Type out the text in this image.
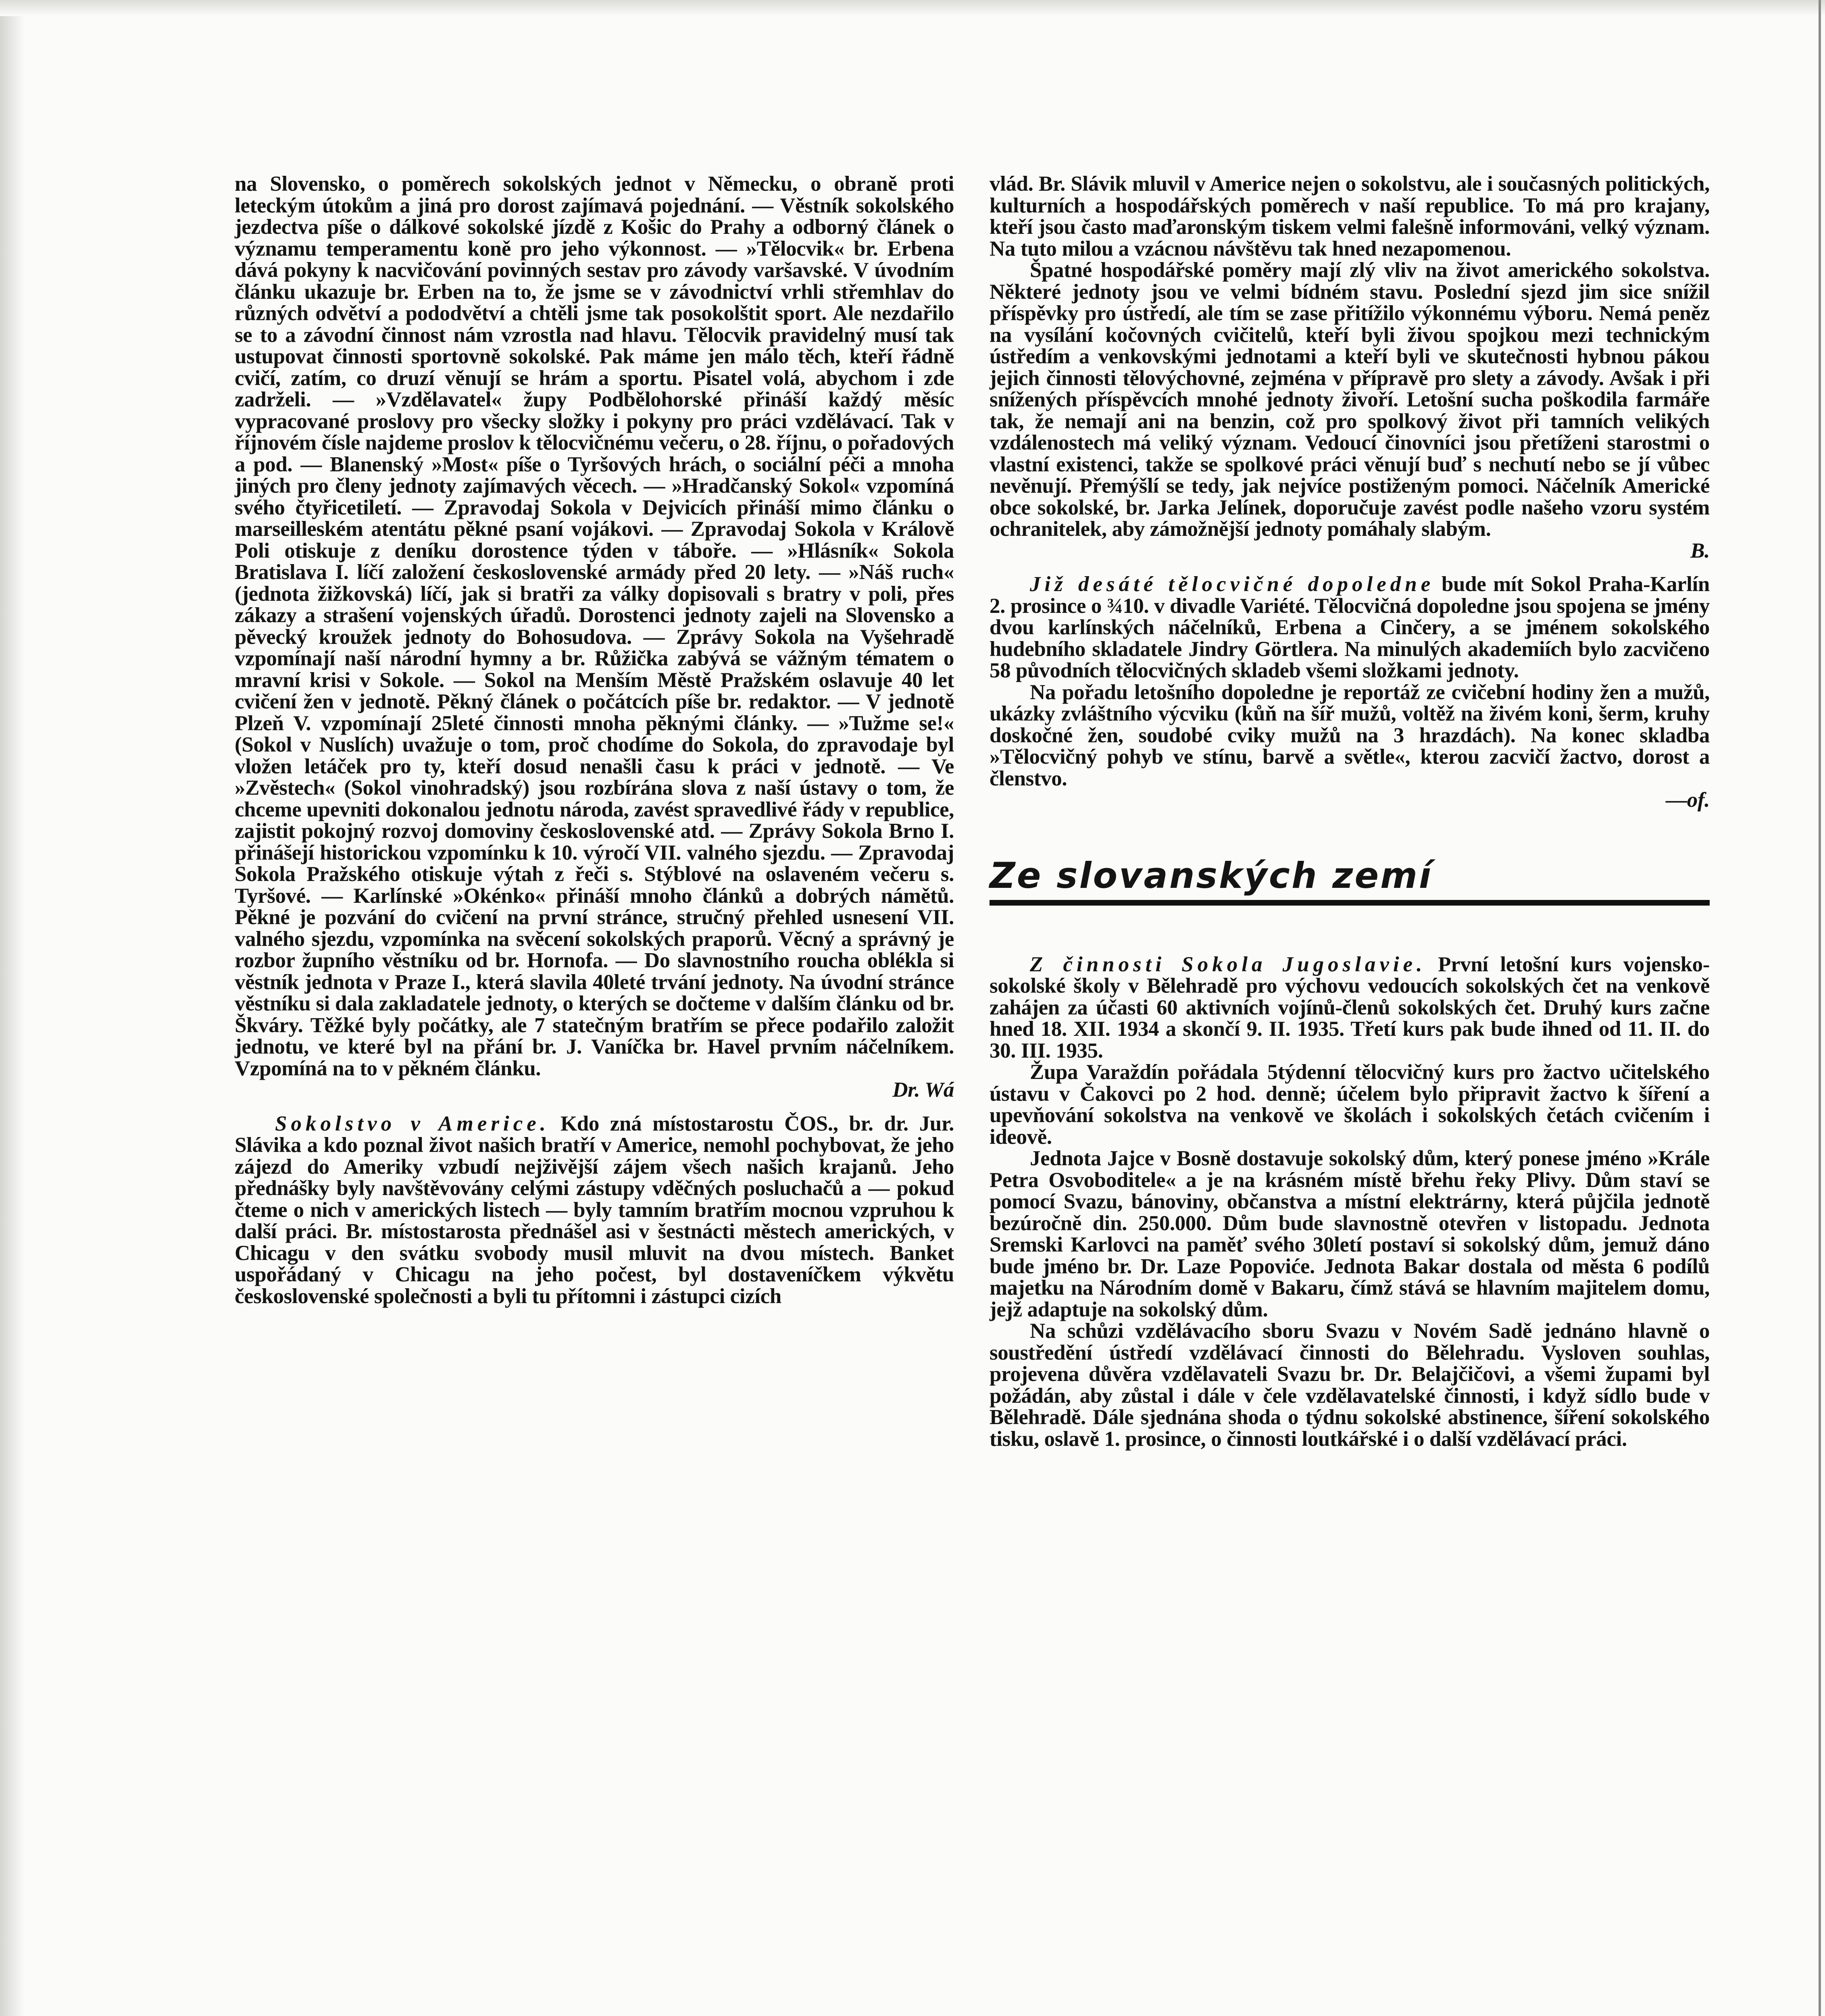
na Slovensko, o poměrech sokolských jednot v Německu, o obraně proti leteckým útokům a jiná pro dorost zajímavá pojednání. — Věstník sokolského jezdectva píše o dálkové sokolské jízdě z Košic do Prahy a odborný článek o významu temperamentu koně pro jeho výkonnost. — »Tělocvik« br. Erbena dává pokyny k nacvičování povinných sestav pro závody varšavské. V úvodním článku ukazuje br. Erben na to, že jsme se v závodnictví vrhli střemhlav do různých odvětví a pododvětví a chtěli jsme tak posokolštit sport. Ale nezdařilo se to a závodní činnost nám vzrostla nad hlavu. Tělocvik pravidelný musí tak ustupovat činnosti sportovně sokolské. Pak máme jen málo těch, kteří řádně cvičí, zatím, co druzí věnují se hrám a sportu. Pisatel volá, abychom i zde zadrželi. — »Vzdělavatel« župy Podbělohorské přináší každý měsíc vypracované proslovy pro všecky složky i pokyny pro práci vzdělávací. Tak v říjnovém čísle najdeme proslov k tělocvičnému večeru, o 28. říjnu, o pořadových a pod. — Blanenský »Most« píše o Tyršových hrách, o sociální péči a mnoha jiných pro členy jednoty zajímavých věcech. — »Hradčanský Sokol« vzpomíná svého čtyřicetiletí. — Zpravodaj Sokola v Dejvicích přináší mimo článku o marseilleském atentátu pěkné psaní vojákovi. — Zpravodaj Sokola v Králově Poli otiskuje z deníku dorostence týden v táboře. — »Hlásník« Sokola Bratislava I. líčí založení československé armády před 20 lety. — »Náš ruch« (jednota žižkovská) líčí, jak si bratři za války dopisovali s bratry v poli, přes zákazy a strašení vojenských úřadů. Dorostenci jednoty zajeli na Slovensko a pěvecký kroužek jednoty do Bohosudova. — Zprávy Sokola na Vyšehradě vzpomínají naší národní hymny a br. Růžička zabývá se vážným tématem o mravní krisi v Sokole. — Sokol na Menším Městě Pražském oslavuje 40 let cvičení žen v jednotě. Pěkný článek o počátcích píše br. redaktor. — V jednotě Plzeň V. vzpomínají 25leté činnosti mnoha pěknými články. — »Tužme se!« (Sokol v Nuslích) uvažuje o tom, proč chodíme do Sokola, do zpravodaje byl vložen letáček pro ty, kteří dosud nenašli času k práci v jednotě. — Ve »Zvěstech« (Sokol vinohradský) jsou rozbírána slova z naší ústavy o tom, že chceme upevniti dokonalou jednotu národa, zavést spravedlivé řády v republice, zajistit pokojný rozvoj domoviny československé atd. — Zprávy Sokola Brno I. přinášejí historickou vzpomínku k 10. výročí VII. valného sjezdu. — Zpravodaj Sokola Pražského otiskuje výtah z řeči s. Stýblové na oslaveném večeru s. Tyršové. — Karlínské »Okénko« přináší mnoho článků a dobrých námětů. Pěkné je pozvání do cvičení na první stránce, stručný přehled usnesení VII. valného sjezdu, vzpomínka na svěcení sokolských praporů. Věcný a správný je rozbor župního věstníku od br. Hornofa. — Do slavnostního roucha oblékla si věstník jednota v Praze I., která slavila 40leté trvání jednoty. Na úvodní stránce věstníku si dala zakladatele jednoty, o kterých se dočteme v dalším článku od br. Škváry. Těžké byly počátky, ale 7 statečným bratřím se přece podařilo založit jednotu, ve které byl na přání br. J. Vaníčka br. Havel prvním náčelníkem. Vzpomíná na to v pěkném článku.
Dr. Wá

Sokolstvo v Americe. Kdo zná místostarostu ČOS., br. dr. Jur. Slávika a kdo poznal život našich bratří v Americe, nemohl pochybovat, že jeho zájezd do Ameriky vzbudí nejživější zájem všech našich krajanů. Jeho přednášky byly navštěvovány celými zástupy vděčných posluchačů a — pokud čteme o nich v amerických listech — byly tamním bratřím mocnou vzpruhou k další práci. Br. místostarosta přednášel asi v šestnácti městech amerických, v Chicagu v den svátku svobody musil mluvit na dvou místech. Banket uspořádaný v Chicagu na jeho počest, byl dostaveníčkem výkvětu československé společnosti a byli tu přítomni i zástupci cizích

vlád. Br. Slávik mluvil v Americe nejen o sokolstvu, ale i současných politických, kulturních a hospodářských poměrech v naší republice. To má pro krajany, kteří jsou často maďaronským tiskem velmi falešně informováni, velký význam. Na tuto milou a vzácnou návštěvu tak hned nezapomenou.

Špatné hospodářské poměry mají zlý vliv na život amerického sokolstva. Některé jednoty jsou ve velmi bídném stavu. Poslední sjezd jim sice snížil příspěvky pro ústředí, ale tím se zase přitížilo výkonnému výboru. Nemá peněz na vysílání kočovných cvičitelů, kteří byli živou spojkou mezi technickým ústředím a venkovskými jednotami a kteří byli ve skutečnosti hybnou pákou jejich činnosti tělovýchovné, zejména v přípravě pro slety a závody. Avšak i při snížených příspěvcích mnohé jednoty živoří. Letošní sucha poškodila farmáře tak, že nemají ani na benzin, což pro spolkový život při tamních velikých vzdálenostech má veliký význam. Vedoucí činovníci jsou přetíženi starostmi o vlastní existenci, takže se spolkové práci věnují buď s nechutí nebo se jí vůbec nevěnují. Přemýšlí se tedy, jak nejvíce postiženým pomoci. Náčelník Americké obce sokolské, br. Jarka Jelínek, doporučuje zavést podle našeho vzoru systém ochranitelek, aby zámožnější jednoty pomáhaly slabým.
B.

Již desáté tělocvičné dopoledne bude mít Sokol Praha-Karlín 2. prosince o ¾10. v divadle Variété. Tělocvičná dopoledne jsou spojena se jmény dvou karlínských náčelníků, Erbena a Cinčery, a se jménem sokolského hudebního skladatele Jindry Görtlera. Na minulých akademiích bylo zacvičeno 58 původních tělocvičných skladeb všemi složkami jednoty.

Na pořadu letošního dopoledne je reportáž ze cvičební hodiny žen a mužů, ukázky zvláštního výcviku (kůň na šíř mužů, voltěž na živém koni, šerm, kruhy doskočné žen, soudobé cviky mužů na 3 hrazdách). Na konec skladba »Tělocvičný pohyb ve stínu, barvě a světle«, kterou zacvičí žactvo, dorost a členstvo.
—of.

Ze slovanských zemí

Z činnosti Sokola Jugoslavie. První letošní kurs vojensko-sokolské školy v Bělehradě pro výchovu vedoucích sokolských čet na venkově zahájen za účasti 60 aktivních vojínů-členů sokolských čet. Druhý kurs začne hned 18. XII. 1934 a skončí 9. II. 1935. Třetí kurs pak bude ihned od 11. II. do 30. III. 1935.

Župa Varaždín pořádala 5týdenní tělocvičný kurs pro žactvo učitelského ústavu v Čakovci po 2 hod. denně; účelem bylo připravit žactvo k šíření a upevňování sokolstva na venkově ve školách i sokolských četách cvičením i ideově.

Jednota Jajce v Bosně dostavuje sokolský dům, který ponese jméno »Krále Petra Osvoboditele« a je na krásném místě břehu řeky Plivy. Dům staví se pomocí Svazu, bánoviny, občanstva a místní elektrárny, která půjčila jednotě bezúročně din. 250.000. Dům bude slavnostně otevřen v listopadu. Jednota Sremski Karlovci na paměť svého 30letí postaví si sokolský dům, jemuž dáno bude jméno br. Dr. Laze Popoviće. Jednota Bakar dostala od města 6 podílů majetku na Národním domě v Bakaru, čímž stává se hlavním majitelem domu, jejž adaptuje na sokolský dům.

Na schůzi vzdělávacího sboru Svazu v Novém Sadě jednáno hlavně o soustředění ústředí vzdělávací činnosti do Bělehradu. Vysloven souhlas, projevena důvěra vzdělavateli Svazu br. Dr. Belajčičovi, a všemi župami byl požádán, aby zůstal i dále v čele vzdělavatelské činnosti, i když sídlo bude v Bělehradě. Dále sjednána shoda o týdnu sokolské abstinence, šíření sokolského tisku, oslavě 1. prosince, o činnosti loutkářské i o další vzdělávací práci.
